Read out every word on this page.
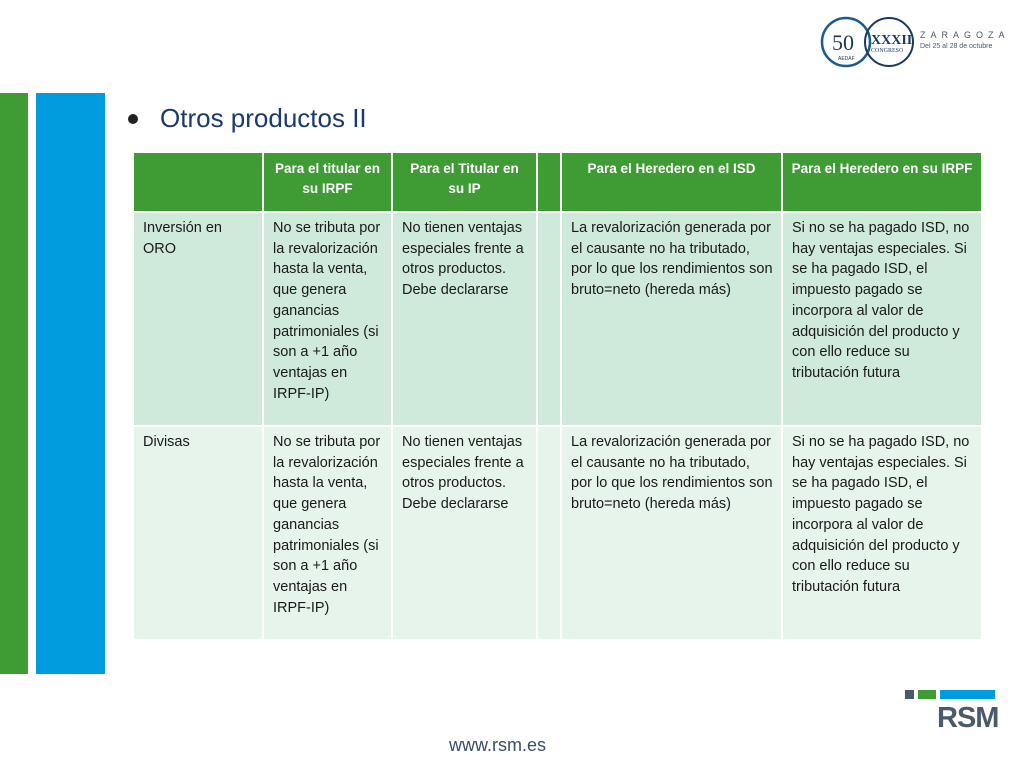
50
AEDAF
XXXII
CONGRESO
ZARAGOZA
Del 25 al 28 de octubre
Otros productos II
	Para el titular en su IRPF	Para el Titular en su IP		Para el Heredero en el ISD	Para el Heredero en su IRPF
Inversión en ORO	No se tributa por la revalorización hasta la venta, que genera ganancias patrimoniales (si son a +1 año ventajas en IRPF-IP)	No tienen ventajas especiales frente a otros productos. Debe declararse		La revalorización generada por el causante no ha tributado, por lo que los rendimientos son bruto=neto (hereda más)	Si no se ha pagado ISD, no hay ventajas especiales. Si se ha pagado ISD, el impuesto pagado se incorpora al valor de adquisición del producto y con ello reduce su tributación futura
Divisas	No se tributa por la revalorización hasta la venta, que genera ganancias patrimoniales (si son a +1 año ventajas en IRPF-IP)	No tienen ventajas especiales frente a otros productos. Debe declararse		La revalorización generada por el causante no ha tributado, por lo que los rendimientos son bruto=neto (hereda más)	Si no se ha pagado ISD, no hay ventajas especiales. Si se ha pagado ISD, el impuesto pagado se incorpora al valor de adquisición del producto y con ello reduce su tributación futura
RSM
www.rsm.es
